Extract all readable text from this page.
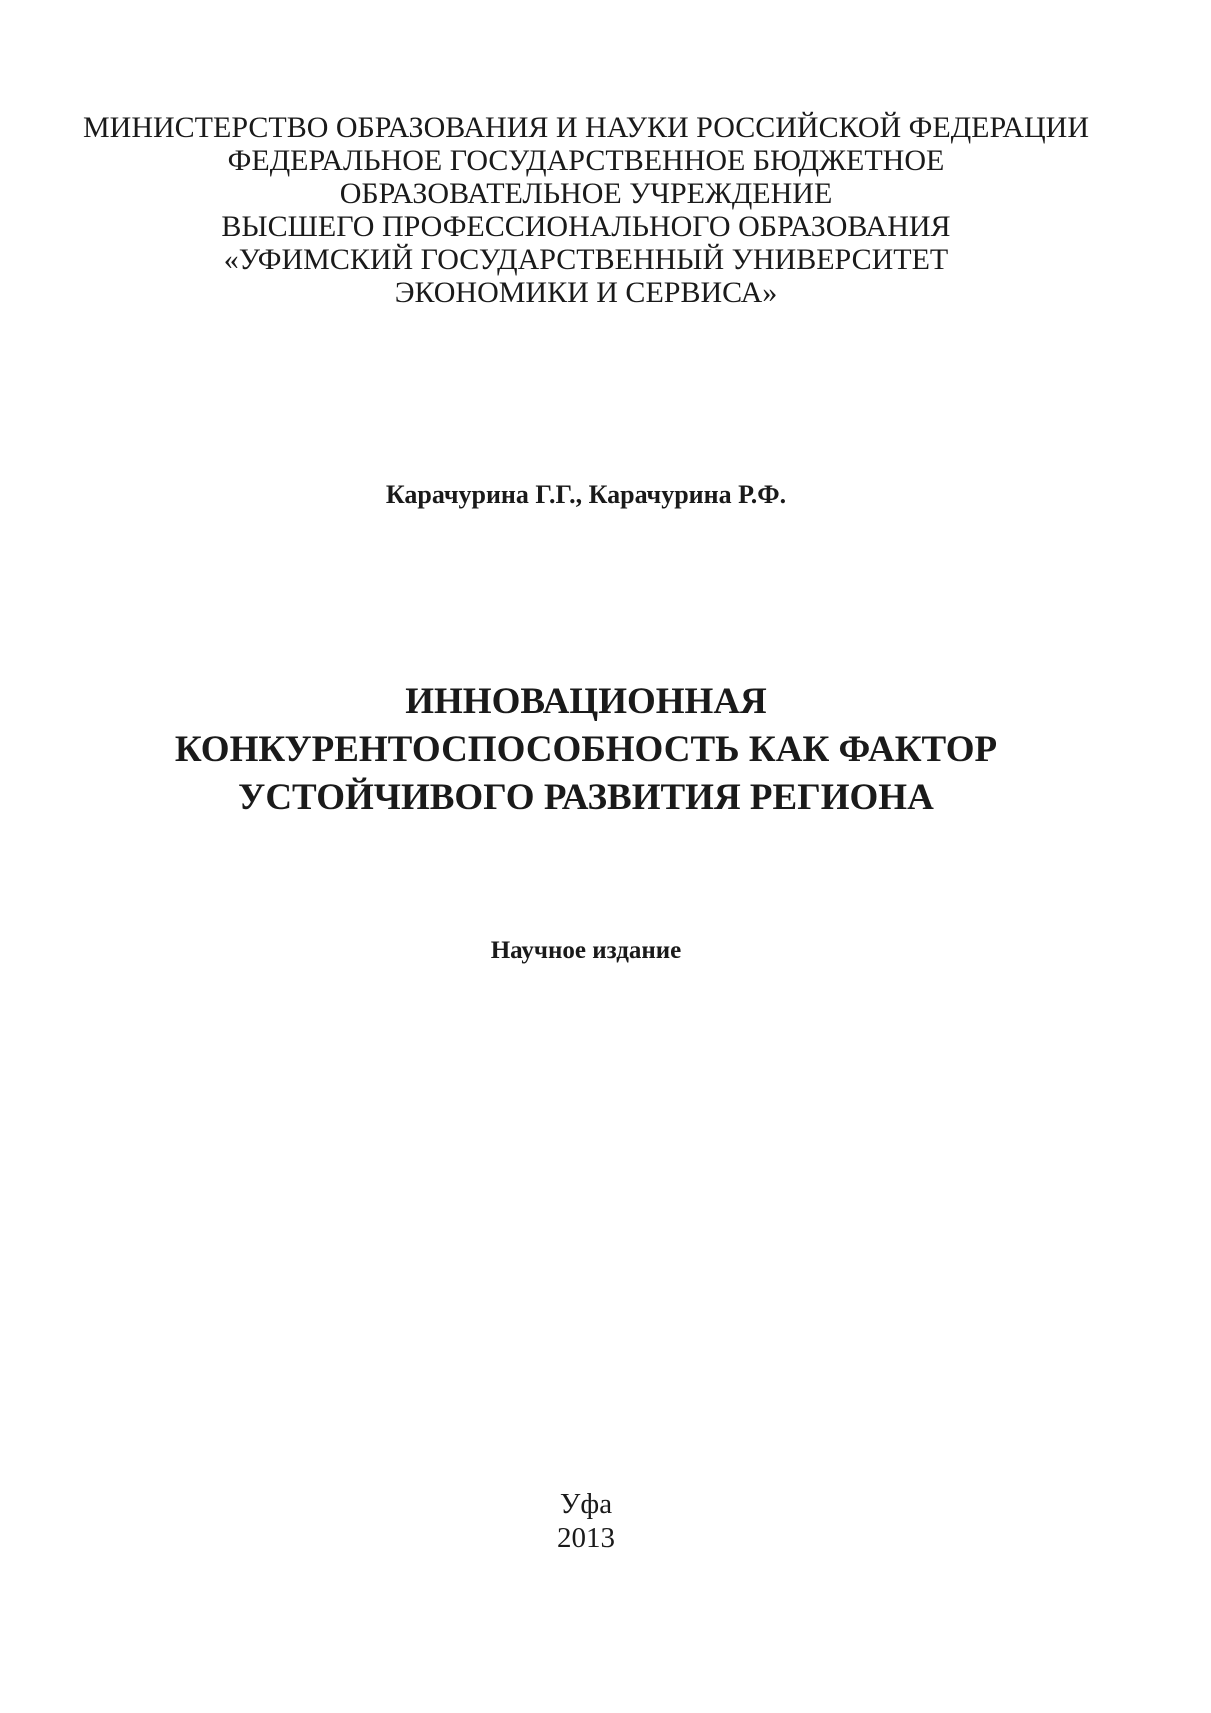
МИНИСТЕРСТВО ОБРАЗОВАНИЯ И НАУКИ РОССИЙСКОЙ ФЕДЕРАЦИИ
ФЕДЕРАЛЬНОЕ ГОСУДАРСТВЕННОЕ БЮДЖЕТНОЕ
ОБРАЗОВАТЕЛЬНОЕ УЧРЕЖДЕНИЕ
ВЫСШЕГО ПРОФЕССИОНАЛЬНОГО ОБРАЗОВАНИЯ
«УФИМСКИЙ ГОСУДАРСТВЕННЫЙ УНИВЕРСИТЕТ
ЭКОНОМИКИ И СЕРВИСА»
Карачурина Г.Г., Карачурина Р.Ф.
ИННОВАЦИОННАЯ
КОНКУРЕНТОСПОСОБНОСТЬ КАК ФАКТОР
УСТОЙЧИВОГО РАЗВИТИЯ РЕГИОНА
Научное издание
Уфа
2013
